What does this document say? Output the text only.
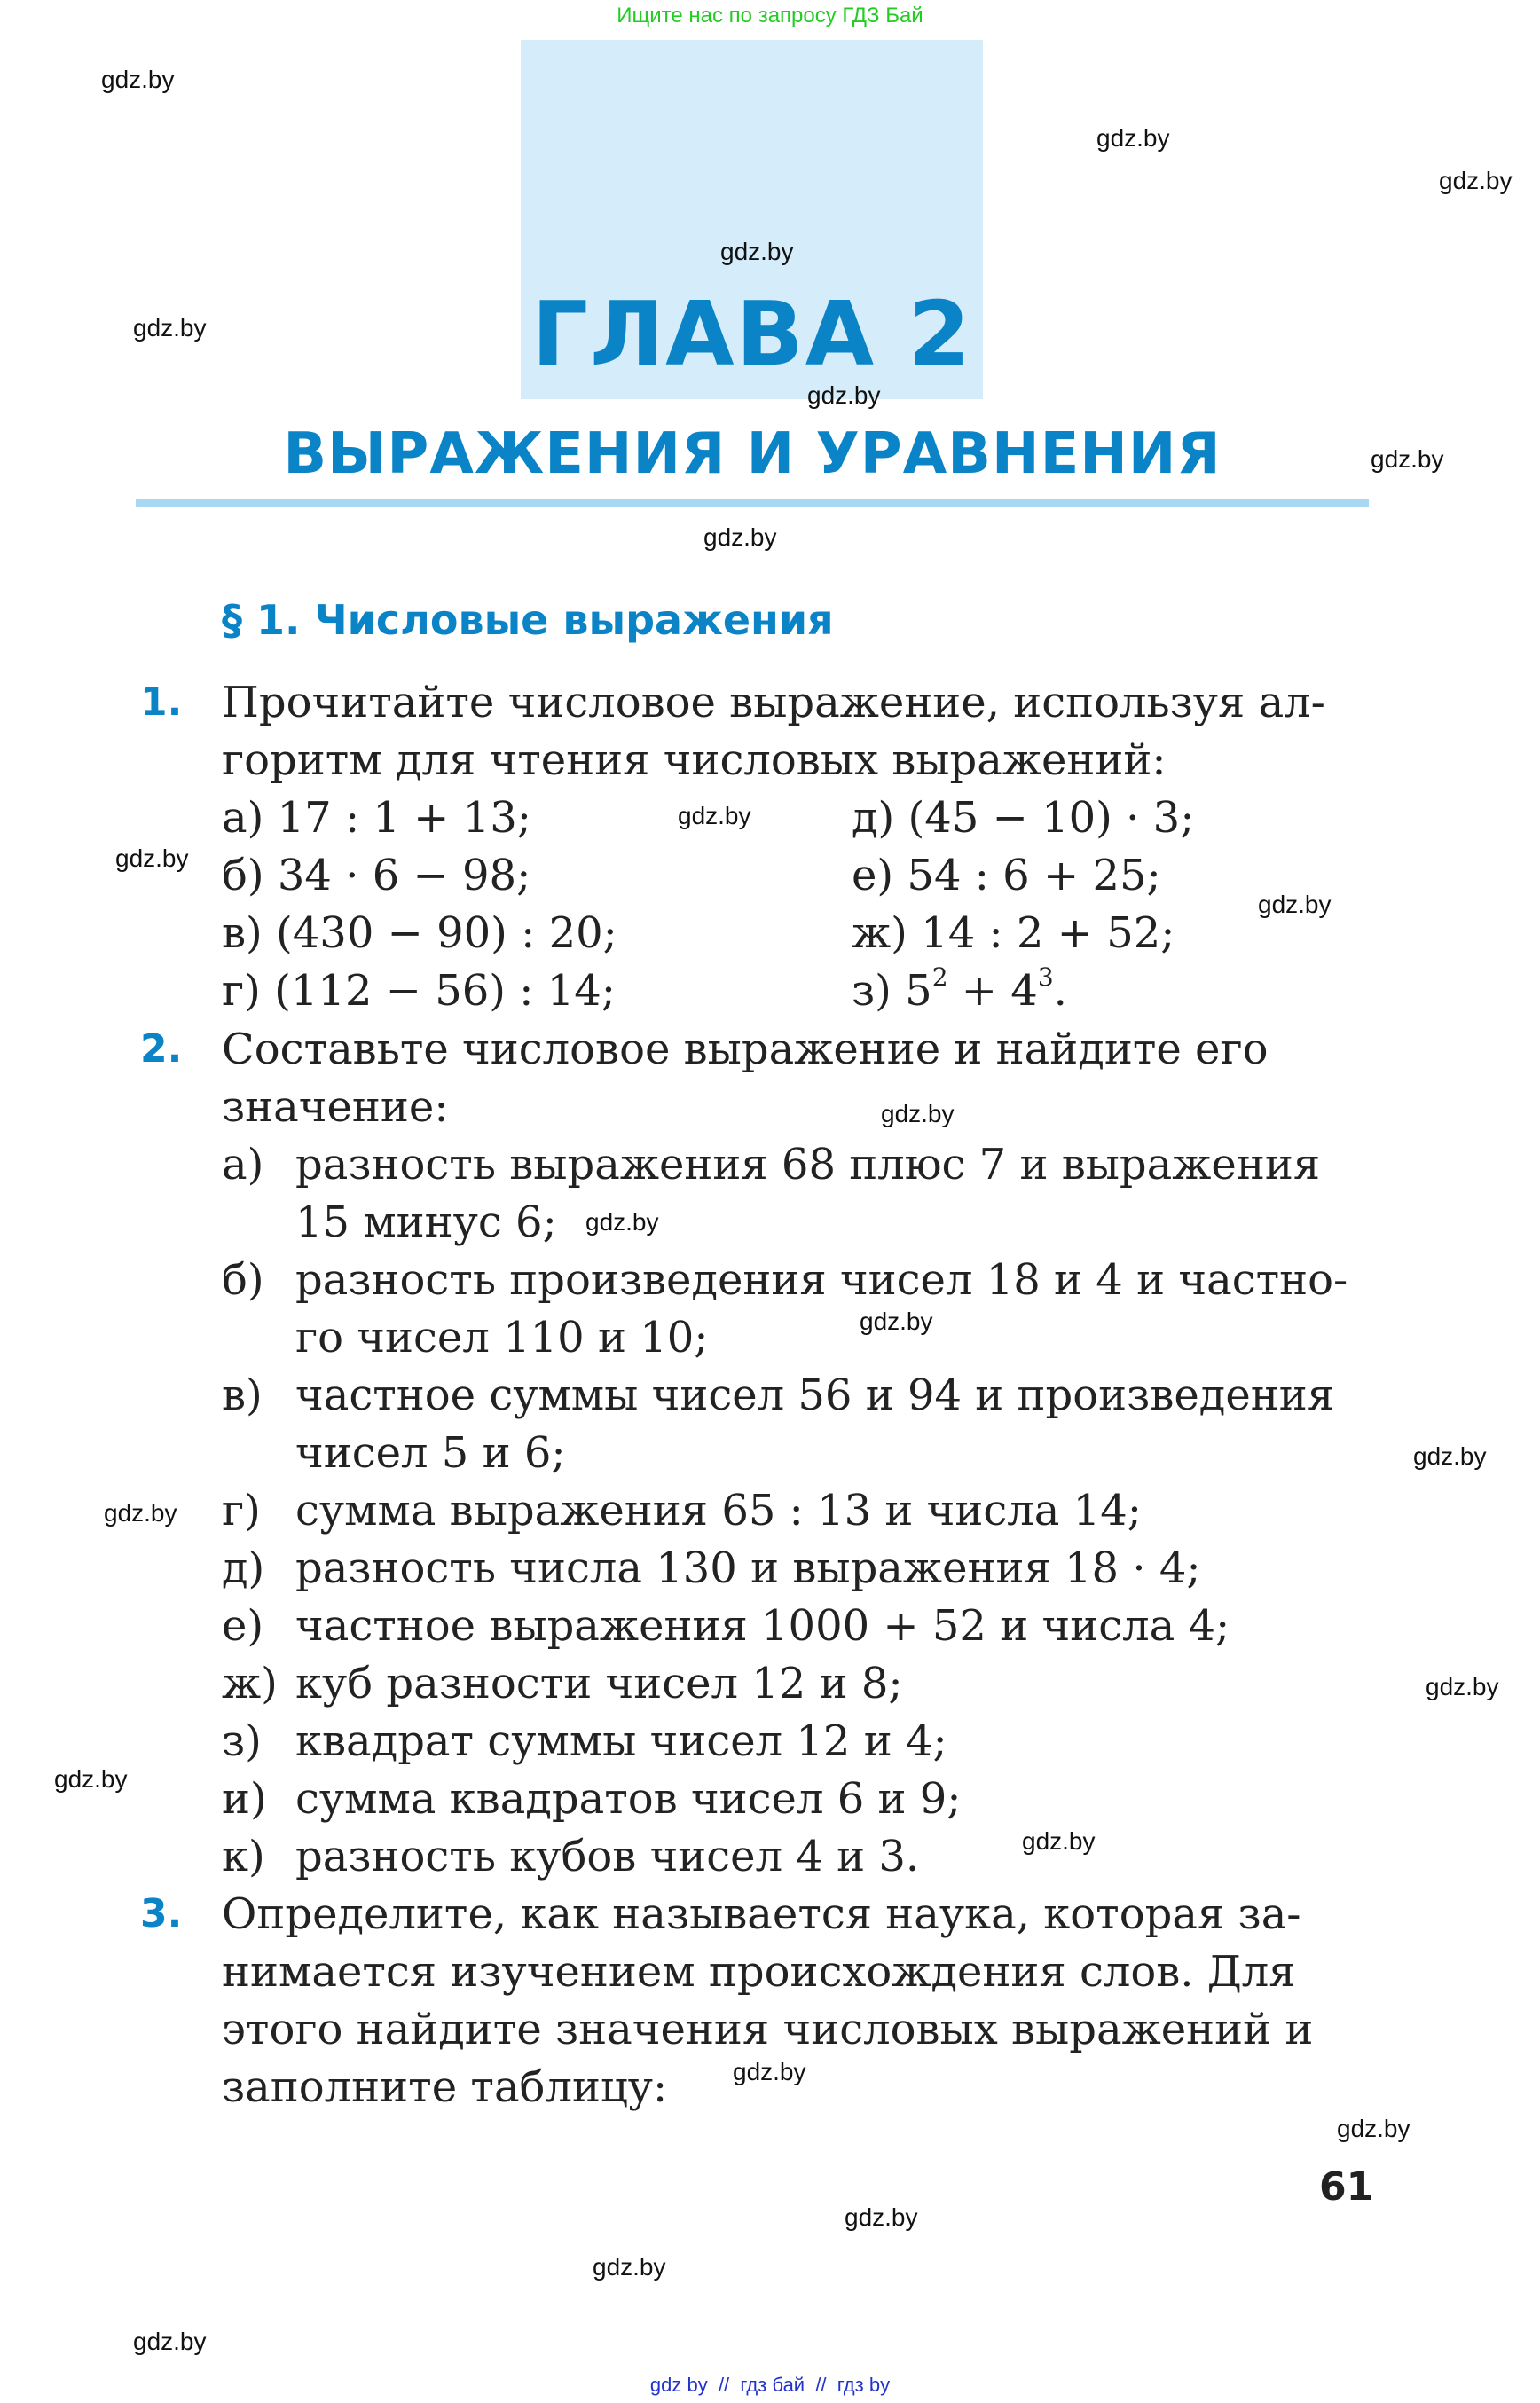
Ищите нас по запросу ГДЗ Бай
ГЛАВА 2
ВЫРАЖЕНИЯ И УРАВНЕНИЯ
§ 1. Числовые выражения
1. Прочитайте числовое выражение, используя ал-
горитм для чтения числовых выражений:
а) 17 : 1 + 13;
б) 34 · 6 − 98;
в) (430 − 90) : 20;
г) (112 − 56) : 14;
д) (45 − 10) · 3;
е) 54 : 6 + 25;
ж) 14 : 2 + 52;
з) $5^2 + 4^3$.
2. Составьте числовое выражение и найдите его
значение:
а) разность выражения 68 плюс 7 и выражения
15 минус 6;
б) разность произведения чисел 18 и 4 и частно-
го чисел 110 и 10;
в) частное суммы чисел 56 и 94 и произведения
чисел 5 и 6;
г) сумма выражения 65 : 13 и числа 14;
д) разность числа 130 и выражения 18 · 4;
е) частное выражения 1000 + 52 и числа 4;
ж) куб разности чисел 12 и 8;
з) квадрат суммы чисел 12 и 4;
и) сумма квадратов чисел 6 и 9;
к) разность кубов чисел 4 и 3.
3. Определите, как называется наука, которая за-
нимается изучением происхождения слов. Для
этого найдите значения числовых выражений и
заполните таблицу:
61
gdz.by
gdz.by
gdz.by
gdz.by
gdz.by
gdz.by
gdz.by
gdz.by
gdz.by
gdz.by
gdz.by
gdz.by
gdz.by
gdz.by
gdz.by
gdz.by
gdz.by
gdz.by
gdz.by
gdz.by
gdz.by
gdz.by
gdz.by
gdz.by
gdz by  //  гдз бай  //  гдз by
